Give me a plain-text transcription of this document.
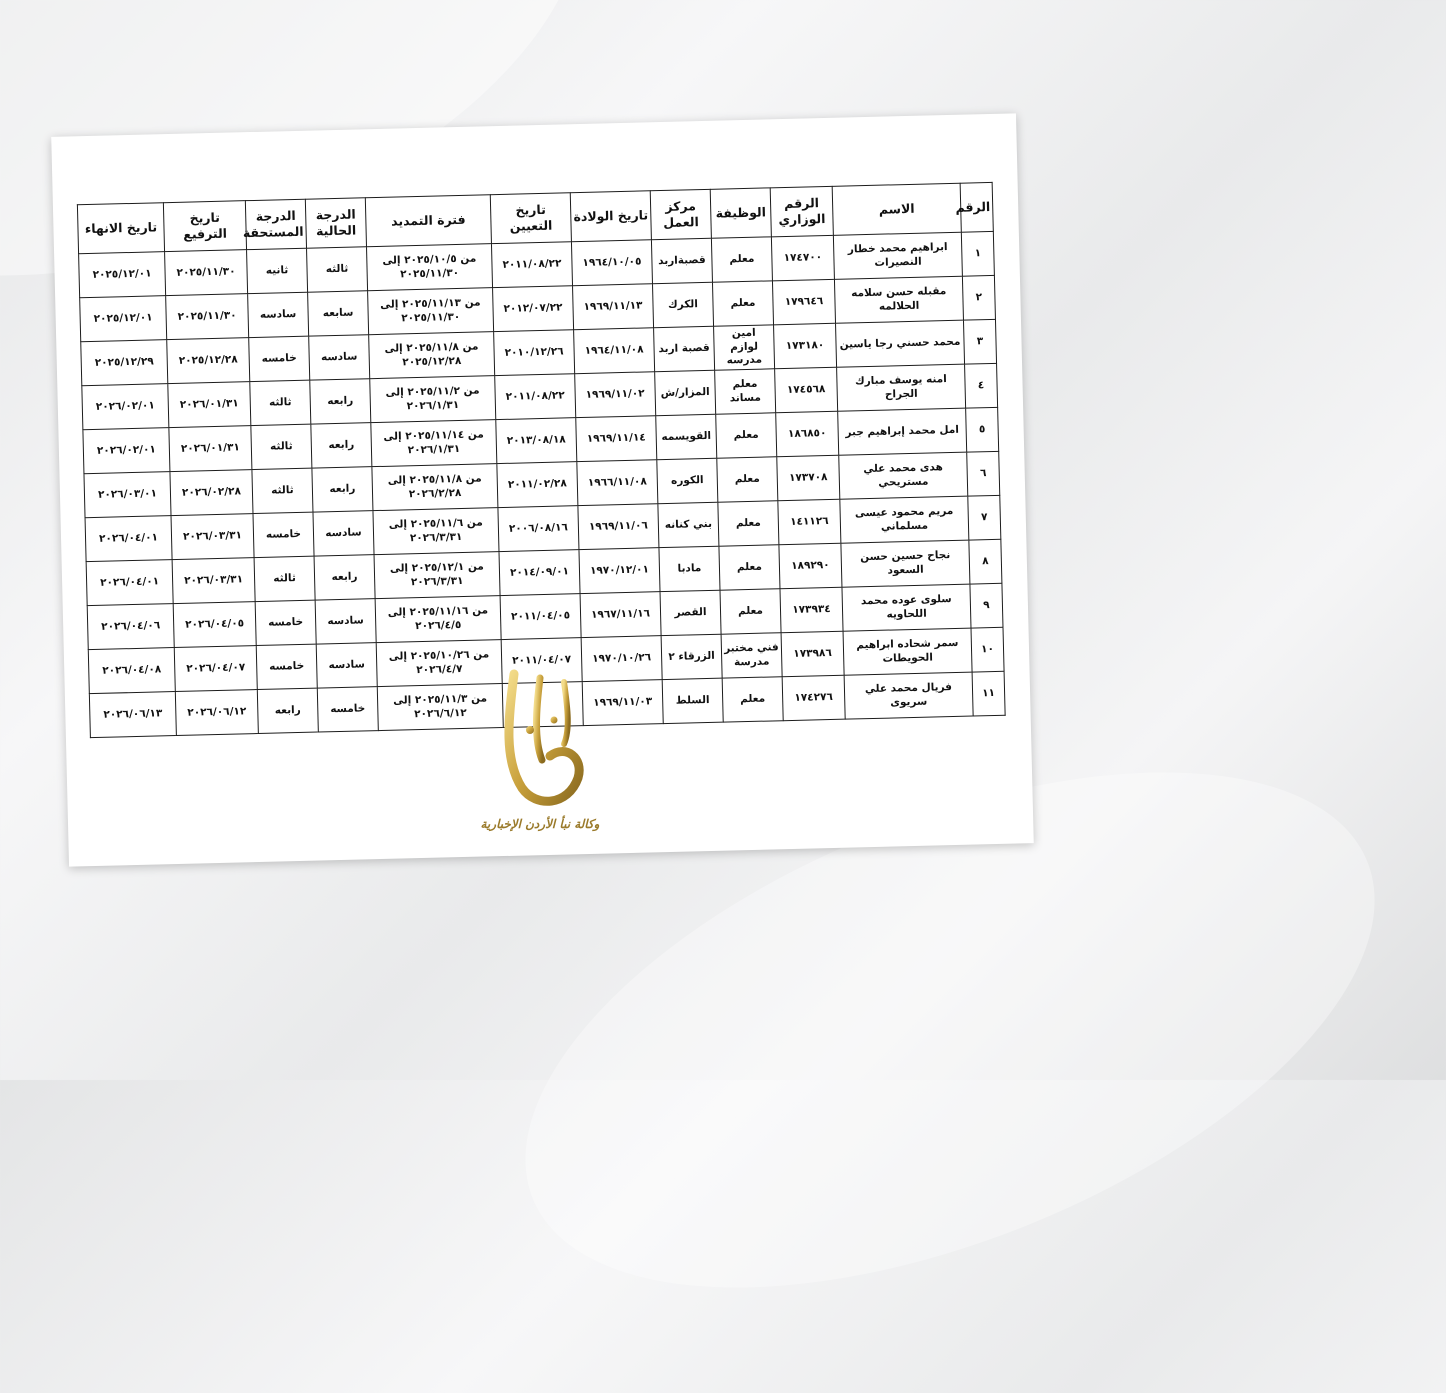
الرقم	الاسم	الرقم الوزاري	الوظيفة	مركز العمل	تاريخ الولادة	تاريخ التعيين	فترة التمديد	الدرجة الحالية	الدرجة المستحقة	تاريخ الترفيع	تاريخ الانهاء
١	ابراهيم محمد خطار النصيرات	١٧٤٧٠٠	معلم	قصبةاربد	١٩٦٤/١٠/٠٥	٢٠١١/٠٨/٢٢	من ٢٠٢٥/١٠/٥ إلى ٢٠٢٥/١١/٣٠	ثالثه	ثانيه	٢٠٢٥/١١/٣٠	٢٠٢٥/١٢/٠١
٢	مقبله حسن سلامه الحلالمه	١٧٩٦٤٦	معلم	الكرك	١٩٦٩/١١/١٣	٢٠١٢/٠٧/٢٢	من ٢٠٢٥/١١/١٣ إلى ٢٠٢٥/١١/٣٠	سابعه	سادسه	٢٠٢٥/١١/٣٠	٢٠٢٥/١٢/٠١
٣	محمد حسني رجا ياسين	١٧٣١٨٠	امين لوازم مدرسه	قصبة اربد	١٩٦٤/١١/٠٨	٢٠١٠/١٢/٢٦	من ٢٠٢٥/١١/٨ إلى ٢٠٢٥/١٢/٢٨	سادسه	خامسه	٢٠٢٥/١٢/٢٨	٢٠٢٥/١٢/٢٩
٤	امنه يوسف مبارك الجراح	١٧٤٥٦٨	معلم مساند	المزار/ش	١٩٦٩/١١/٠٢	٢٠١١/٠٨/٢٢	من ٢٠٢٥/١١/٢ إلى ٢٠٢٦/١/٣١	رابعه	ثالثه	٢٠٢٦/٠١/٣١	٢٠٢٦/٠٢/٠١
٥	امل محمد إبراهيم جبر	١٨٦٨٥٠	معلم	القويسمه	١٩٦٩/١١/١٤	٢٠١٣/٠٨/١٨	من ٢٠٢٥/١١/١٤ إلى ٢٠٢٦/١/٣١	رابعه	ثالثه	٢٠٢٦/٠١/٣١	٢٠٢٦/٠٢/٠١
٦	هدى محمد علي مستريحي	١٧٣٧٠٨	معلم	الكوره	١٩٦٦/١١/٠٨	٢٠١١/٠٢/٢٨	من ٢٠٢٥/١١/٨ إلى ٢٠٢٦/٢/٢٨	رابعه	ثالثه	٢٠٢٦/٠٢/٢٨	٢٠٢٦/٠٣/٠١
٧	مريم محمود عيسى مسلماني	١٤١١٢٦	معلم	بني كنانه	١٩٦٩/١١/٠٦	٢٠٠٦/٠٨/١٦	من ٢٠٢٥/١١/٦ إلى ٢٠٢٦/٣/٣١	سادسه	خامسه	٢٠٢٦/٠٣/٣١	٢٠٢٦/٠٤/٠١
٨	نجاح حسين حسن السعود	١٨٩٢٩٠	معلم	مادبا	١٩٧٠/١٢/٠١	٢٠١٤/٠٩/٠١	من ٢٠٢٥/١٢/١ إلى ٢٠٢٦/٣/٣١	رابعه	ثالثه	٢٠٢٦/٠٣/٣١	٢٠٢٦/٠٤/٠١
٩	سلوى عوده محمد اللحاويه	١٧٣٩٣٤	معلم	القصر	١٩٦٧/١١/١٦	٢٠١١/٠٤/٠٥	من ٢٠٢٥/١١/١٦ إلى ٢٠٢٦/٤/٥	سادسه	خامسه	٢٠٢٦/٠٤/٠٥	٢٠٢٦/٠٤/٠٦
١٠	سمر شحاده ابراهيم الحويطات	١٧٣٩٨٦	فني مختبر مدرسة	الزرقاء ٢	١٩٧٠/١٠/٢٦	٢٠١١/٠٤/٠٧	من ٢٠٢٥/١٠/٢٦ إلى ٢٠٢٦/٤/٧	سادسه	خامسه	٢٠٢٦/٠٤/٠٧	٢٠٢٦/٠٤/٠٨
١١	فريال محمد علي سريوى	١٧٤٢٧٦	معلم	السلط	١٩٦٩/١١/٠٣		من ٢٠٢٥/١١/٣ إلى ٢٠٢٦/٦/١٢	خامسه	رابعه	٢٠٢٦/٠٦/١٢	٢٠٢٦/٠٦/١٣
وكالة نبأ الأردن الإخبارية
